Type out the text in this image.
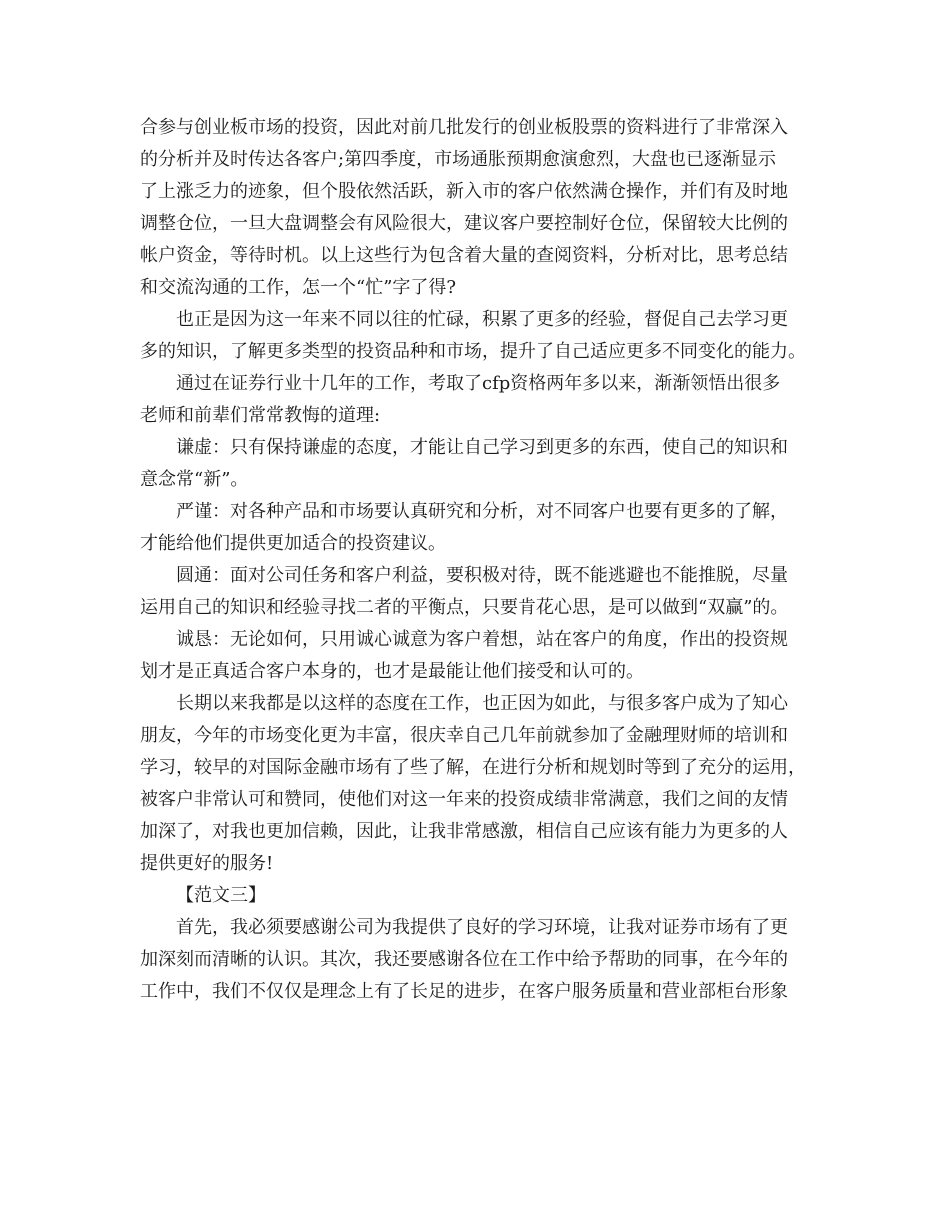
合参与创业板市场的投资，因此对前几批发行的创业板股票的资料进行了非常深入
的分析并及时传达各客户;第四季度，市场通胀预期愈演愈烈，大盘也已逐渐显示
了上涨乏力的迹象，但个股依然活跃，新入市的客户依然满仓操作，并们有及时地
调整仓位，一旦大盘调整会有风险很大，建议客户要控制好仓位，保留较大比例的
帐户资金，等待时机。以上这些行为包含着大量的查阅资料，分析对比，思考总结
和交流沟通的工作，怎一个“忙”字了得?
也正是因为这一年来不同以往的忙碌，积累了更多的经验，督促自己去学习更
多的知识，了解更多类型的投资品种和市场，提升了自己适应更多不同变化的能力。
通过在证券行业十几年的工作，考取了cfp资格两年多以来，渐渐领悟出很多
老师和前辈们常常教悔的道理:
谦虚：只有保持谦虚的态度，才能让自己学习到更多的东西，使自己的知识和
意念常“新”。
严谨：对各种产品和市场要认真研究和分析，对不同客户也要有更多的了解，
才能给他们提供更加适合的投资建议。
圆通：面对公司任务和客户利益，要积极对待，既不能逃避也不能推脱，尽量
运用自己的知识和经验寻找二者的平衡点，只要肯花心思，是可以做到“双赢”的。
诚恳：无论如何，只用诚心诚意为客户着想，站在客户的角度，作出的投资规
划才是正真适合客户本身的，也才是最能让他们接受和认可的。
长期以来我都是以这样的态度在工作，也正因为如此，与很多客户成为了知心
朋友，今年的市场变化更为丰富，很庆幸自己几年前就参加了金融理财师的培训和
学习，较早的对国际金融市场有了些了解，在进行分析和规划时等到了充分的运用，
被客户非常认可和赞同，使他们对这一年来的投资成绩非常满意，我们之间的友情
加深了，对我也更加信赖，因此，让我非常感激，相信自己应该有能力为更多的人
提供更好的服务!
【范文三】
首先，我必须要感谢公司为我提供了良好的学习环境，让我对证券市场有了更
加深刻而清晰的认识。其次，我还要感谢各位在工作中给予帮助的同事，在今年的
工作中，我们不仅仅是理念上有了长足的进步，在客户服务质量和营业部柜台形象
